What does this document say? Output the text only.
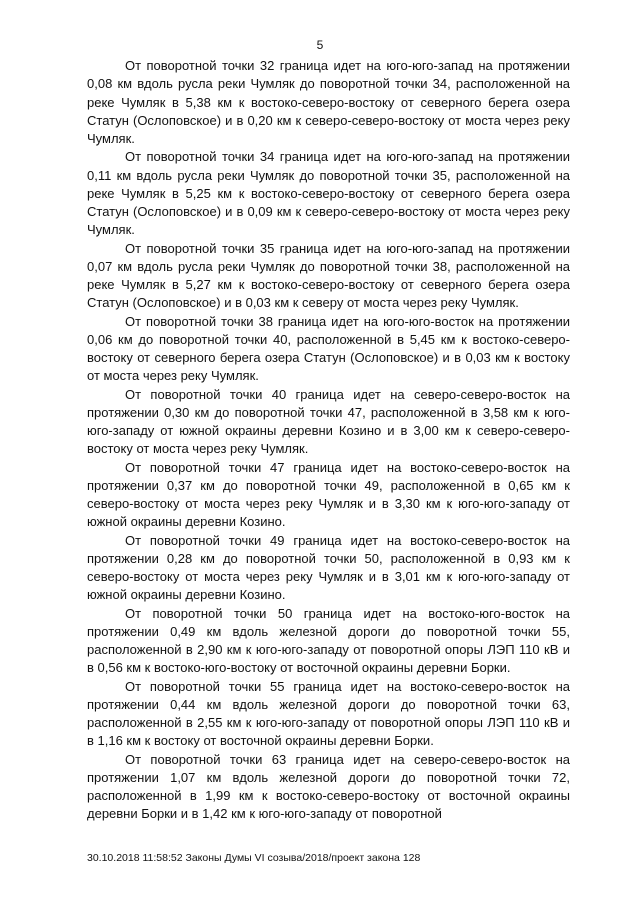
5

От поворотной точки 32 граница идет на юго-юго-запад на протяжении 0,08 км вдоль русла реки Чумляк до поворотной точки 34, расположенной на реке Чумляк в 5,38 км к востоко-северо-востоку от северного берега озера Статун (Ослоповское) и в 0,20 км к северо-северо-востоку от моста через реку Чумляк.

От поворотной точки 34 граница идет на юго-юго-запад на протяжении 0,11 км вдоль русла реки Чумляк до поворотной точки 35, расположенной на реке Чумляк в 5,25 км к востоко-северо-востоку от северного берега озера Статун (Ослоповское) и в 0,09 км к северо-северо-востоку от моста через реку Чумляк.

От поворотной точки 35 граница идет на юго-юго-запад на протяжении 0,07 км вдоль русла реки Чумляк до поворотной точки 38, расположенной на реке Чумляк в 5,27 км к востоко-северо-востоку от северного берега озера Статун (Ослоповское) и в 0,03 км к северу от моста через реку Чумляк.

От поворотной точки 38 граница идет на юго-юго-восток на протяжении 0,06 км до поворотной точки 40, расположенной в 5,45 км к востоко-северо-востоку от северного берега озера Статун (Ослоповское) и в 0,03 км к востоку от моста через реку Чумляк.

От поворотной точки 40 граница идет на северо-северо-восток на протяжении 0,30 км до поворотной точки 47, расположенной в 3,58 км к юго-юго-западу от южной окраины деревни Козино и в 3,00 км к северо-северо-востоку от моста через реку Чумляк.

От поворотной точки 47 граница идет на востоко-северо-восток на протяжении 0,37 км до поворотной точки 49, расположенной в 0,65 км к северо-востоку от моста через реку Чумляк и в 3,30 км к юго-юго-западу от южной окраины деревни Козино.

От поворотной точки 49 граница идет на востоко-северо-восток на протяжении 0,28 км до поворотной точки 50, расположенной в 0,93 км к северо-востоку от моста через реку Чумляк и в 3,01 км к юго-юго-западу от южной окраины деревни Козино.

От поворотной точки 50 граница идет на востоко-юго-восток на протяжении 0,49 км вдоль железной дороги до поворотной точки 55, расположенной в 2,90 км к юго-юго-западу от поворотной опоры ЛЭП 110 кВ и в 0,56 км к востоко-юго-востоку от восточной окраины деревни Борки.

От поворотной точки 55 граница идет на востоко-северо-восток на протяжении 0,44 км вдоль железной дороги до поворотной точки 63, расположенной в 2,55 км к юго-юго-западу от поворотной опоры ЛЭП 110 кВ и в 1,16 км к востоку от восточной окраины деревни Борки.

От поворотной точки 63 граница идет на северо-северо-восток на протяжении 1,07 км вдоль железной дороги до поворотной точки 72, расположенной в 1,99 км к востоко-северо-востоку от восточной окраины деревни Борки и в 1,42 км к юго-юго-западу от поворотной

30.10.2018 11:58:52 Законы Думы VI созыва/2018/проект закона 128
